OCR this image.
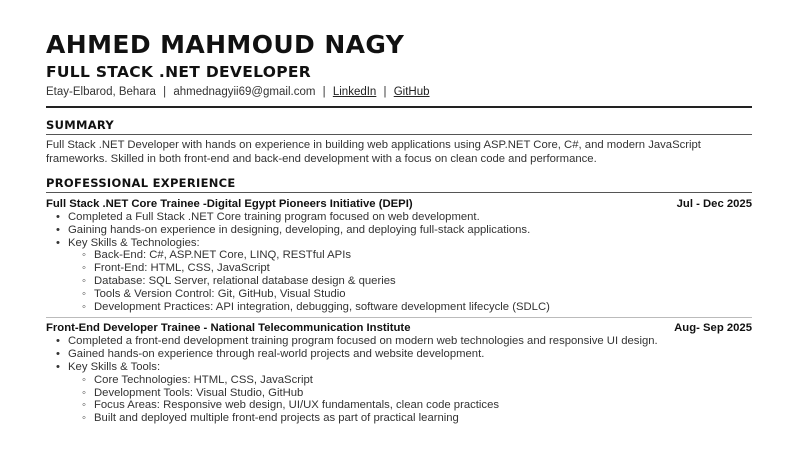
AHMED MAHMOUD NAGY
FULL STACK .NET DEVELOPER
Etay-Elbarod, Behara | ahmednagyii69@gmail.com | LinkedIn | GitHub
SUMMARY
Full Stack .NET Developer with hands on experience in building web applications using ASP.NET Core, C#, and modern JavaScript frameworks. Skilled in both front-end and back-end development with a focus on clean code and performance.
PROFESSIONAL EXPERIENCE
Full Stack .NET Core Trainee -Digital Egypt Pioneers Initiative (DEPI)	Jul - Dec 2025
• Completed a Full Stack .NET Core training program focused on web development.
• Gaining hands-on experience in designing, developing, and deploying full-stack applications.
• Key Skills & Technologies:
◦ Back-End: C#, ASP.NET Core, LINQ, RESTful APIs
◦ Front-End: HTML, CSS, JavaScript
◦ Database: SQL Server, relational database design & queries
◦ Tools & Version Control: Git, GitHub, Visual Studio
◦ Development Practices: API integration, debugging, software development lifecycle (SDLC)
Front-End Developer Trainee - National Telecommunication Institute	Aug- Sep 2025
• Completed a front-end development training program focused on modern web technologies and responsive UI design.
• Gained hands-on experience through real-world projects and website development.
• Key Skills & Tools:
◦ Core Technologies: HTML, CSS, JavaScript
◦ Development Tools: Visual Studio, GitHub
◦ Focus Areas: Responsive web design, UI/UX fundamentals, clean code practices
◦ Built and deployed multiple front-end projects as part of practical learning
